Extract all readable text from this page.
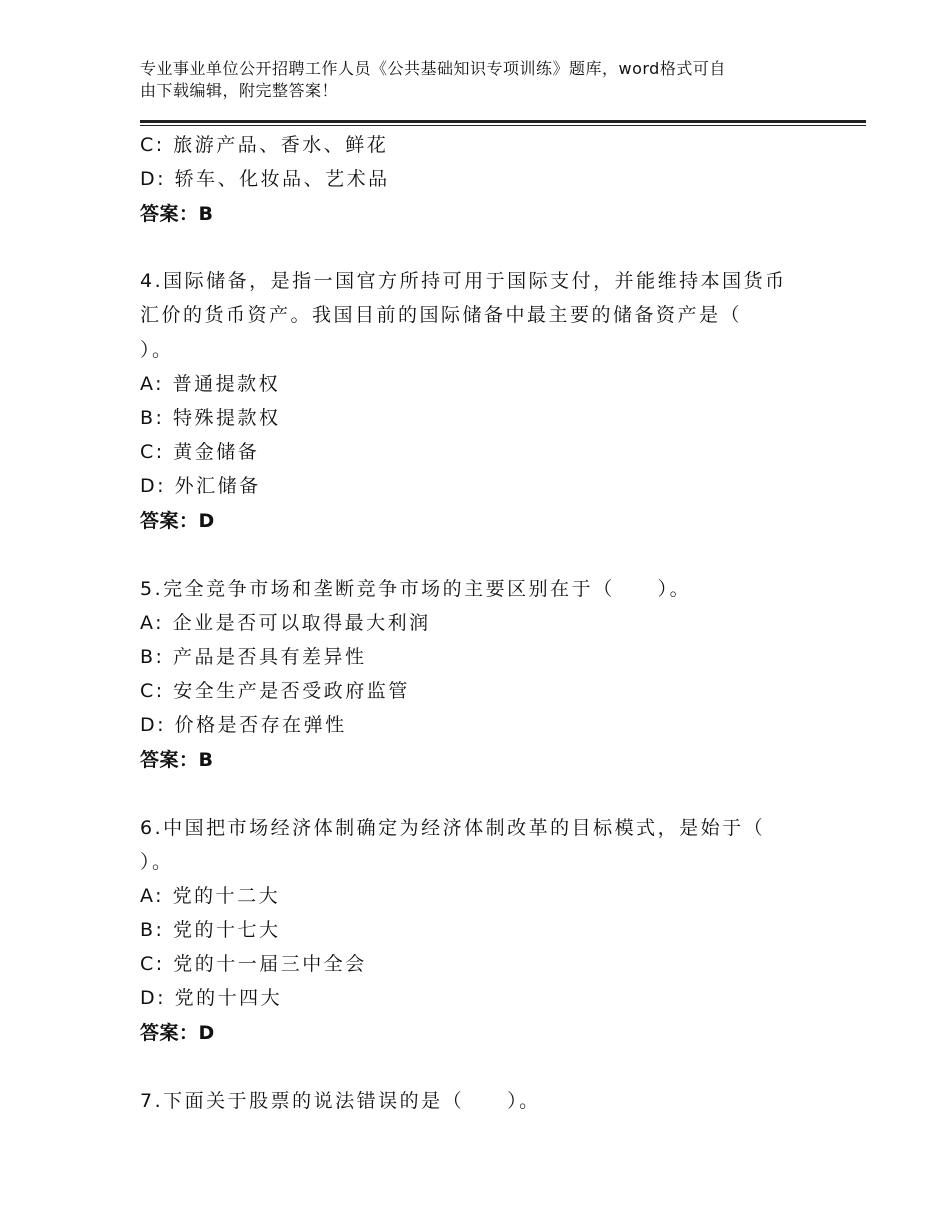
专业事业单位公开招聘工作人员《公共基础知识专项训练》题库，word格式可自
由下载编辑，附完整答案！
C: 旅游产品、香水、鲜花
D: 轿车、化妆品、艺术品
答案：B
4.国际储备，是指一国官方所持可用于国际支付，并能维持本国货币
汇价的货币资产。我国目前的国际储备中最主要的储备资产是（
）。
A: 普通提款权
B: 特殊提款权
C: 黄金储备
D: 外汇储备
答案：D
5.完全竞争市场和垄断竞争市场的主要区别在于（　　）。
A: 企业是否可以取得最大利润
B: 产品是否具有差异性
C: 安全生产是否受政府监管
D: 价格是否存在弹性
答案：B
6.中国把市场经济体制确定为经济体制改革的目标模式，是始于（
）。
A: 党的十二大
B: 党的十七大
C: 党的十一届三中全会
D: 党的十四大
答案：D
7.下面关于股票的说法错误的是（　　）。
